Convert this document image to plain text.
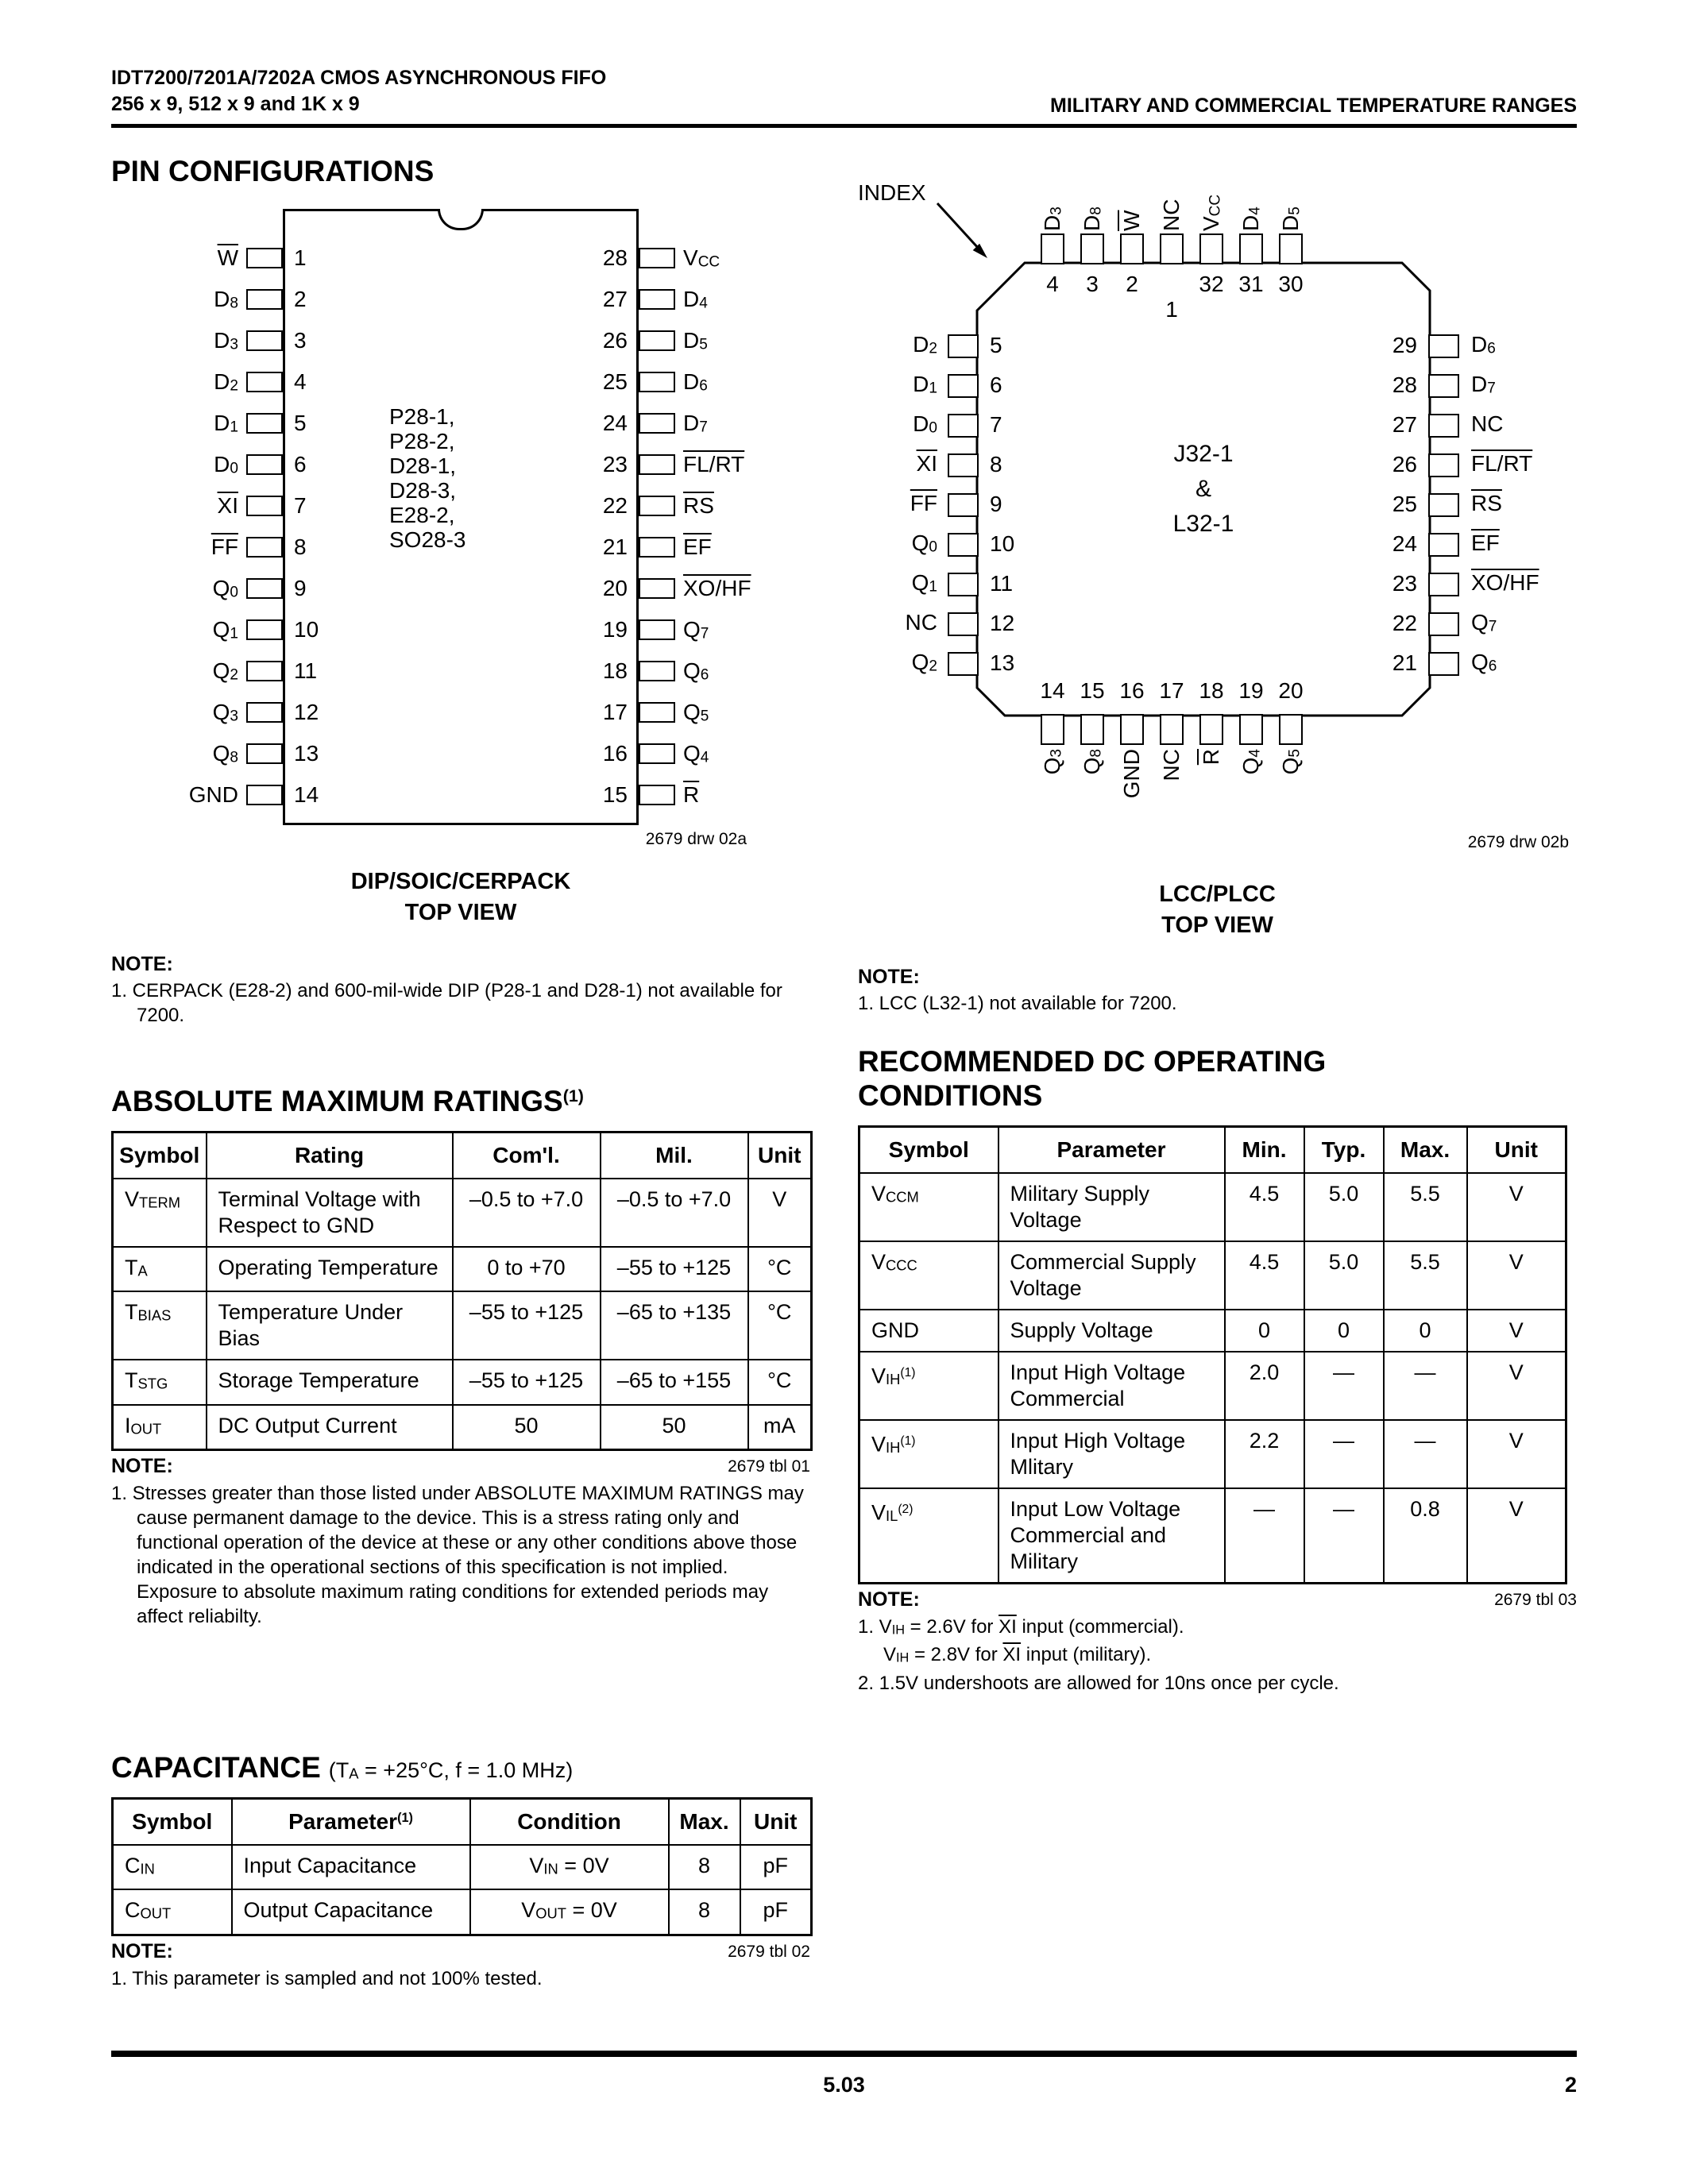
IDT7200/7201A/7202A CMOS ASYNCHRONOUS FIFO
256 x 9, 512 x 9 and 1K x 9	MILITARY AND COMMERCIAL TEMPERATURE RANGES
PIN CONFIGURATIONS
$\overline{W}$	1	28	VCC
D8	2	27	D4
D3	3	26	D5
D2	4	25	D6
D1	5	24	D7
D0	6	23	FL/RT
$\overline{XI}$	7	22	$\overline{RS}$
$\overline{FF}$	8	21	$\overline{EF}$
Q0	9	20	XO/HF
Q1	10	19	Q7
Q2	11	18	Q6
Q3	12	17	Q5
Q8	13	16	Q4
GND	14	15	$\overline{R}$
P28-1,
P28-2,
D28-1,
D28-3,
E28-2,
SO28-3
2679 drw 02a
DIP/SOIC/CERPACK
TOP VIEW
NOTE:
1. CERPACK (E28-2) and 600-mil-wide DIP (P28-1 and D28-1) not available for 7200.
INDEX
J32-1
&
L32-1
2679 drw 02b
4
D3
3
D8
2
$\overline{W}$
1
NC
32
VCC
31
D4
30
D5
5
D2
6
D1
7
D0
8
$\overline{XI}$
9
$\overline{FF}$
10
Q0
11
Q1
12
NC
13
Q2
29 D6
28 D7
27 NC
26 FL/RT
25 $\overline{RS}$
24 $\overline{EF}$
23 XO/HF
22 Q7
21 Q6
14
Q3
15
Q8
16
GND
17
NC
18
$\overline{R}$
19
Q4
20
Q5
LCC/PLCC
TOP VIEW
NOTE:
1. LCC (L32-1) not available for 7200.
ABSOLUTE MAXIMUM RATINGS$^{(1)}$
Symbol	Rating	Com'l.	Mil.	Unit
VTERM	Terminal Voltage with Respect to GND	–0.5 to +7.0	–0.5 to +7.0	V
TA	Operating Temperature	0 to +70	–55 to +125	°C
TBIAS	Temperature Under Bias	–55 to +125	–65 to +135	°C
TSTG	Storage Temperature	–55 to +125	–65 to +155	°C
IOUT	DC Output Current	50	50	mA
NOTE:	2679 tbl 01
1. Stresses greater than those listed under ABSOLUTE MAXIMUM RATINGS may cause permanent damage to the device. This is a stress rating only and functional operation of the device at these or any other conditions above those indicated in the operational sections of this specification is not implied. Exposure to absolute maximum rating conditions for extended periods may affect reliabilty.
RECOMMENDED DC OPERATING CONDITIONS
Symbol	Parameter	Min.	Typ.	Max.	Unit
VCCM	Military Supply Voltage	4.5	5.0	5.5	V
VCCC	Commercial Supply Voltage	4.5	5.0	5.5	V
GND	Supply Voltage	0	0	0	V
VIH$^{(1)}$	Input High Voltage Commercial	2.0	—	—	V
VIH$^{(1)}$	Input High Voltage Mlitary	2.2	—	—	V
VIL$^{(2)}$	Input Low Voltage Commercial and Military	—	—	0.8	V
NOTE:	2679 tbl 03
1. VIH = 2.6V for $\overline{XI}$ input (commercial).
VIH = 2.8V for $\overline{XI}$ input (military).
2. 1.5V undershoots are allowed for 10ns once per cycle.
CAPACITANCE (TA = +25°C, f = 1.0 MHz)
Symbol	Parameter$^{(1)}$	Condition	Max.	Unit
CIN	Input Capacitance	VIN = 0V	8	pF
COUT	Output Capacitance	VOUT = 0V	8	pF
NOTE:	2679 tbl 02
1. This parameter is sampled and not 100% tested.
5.03	2
